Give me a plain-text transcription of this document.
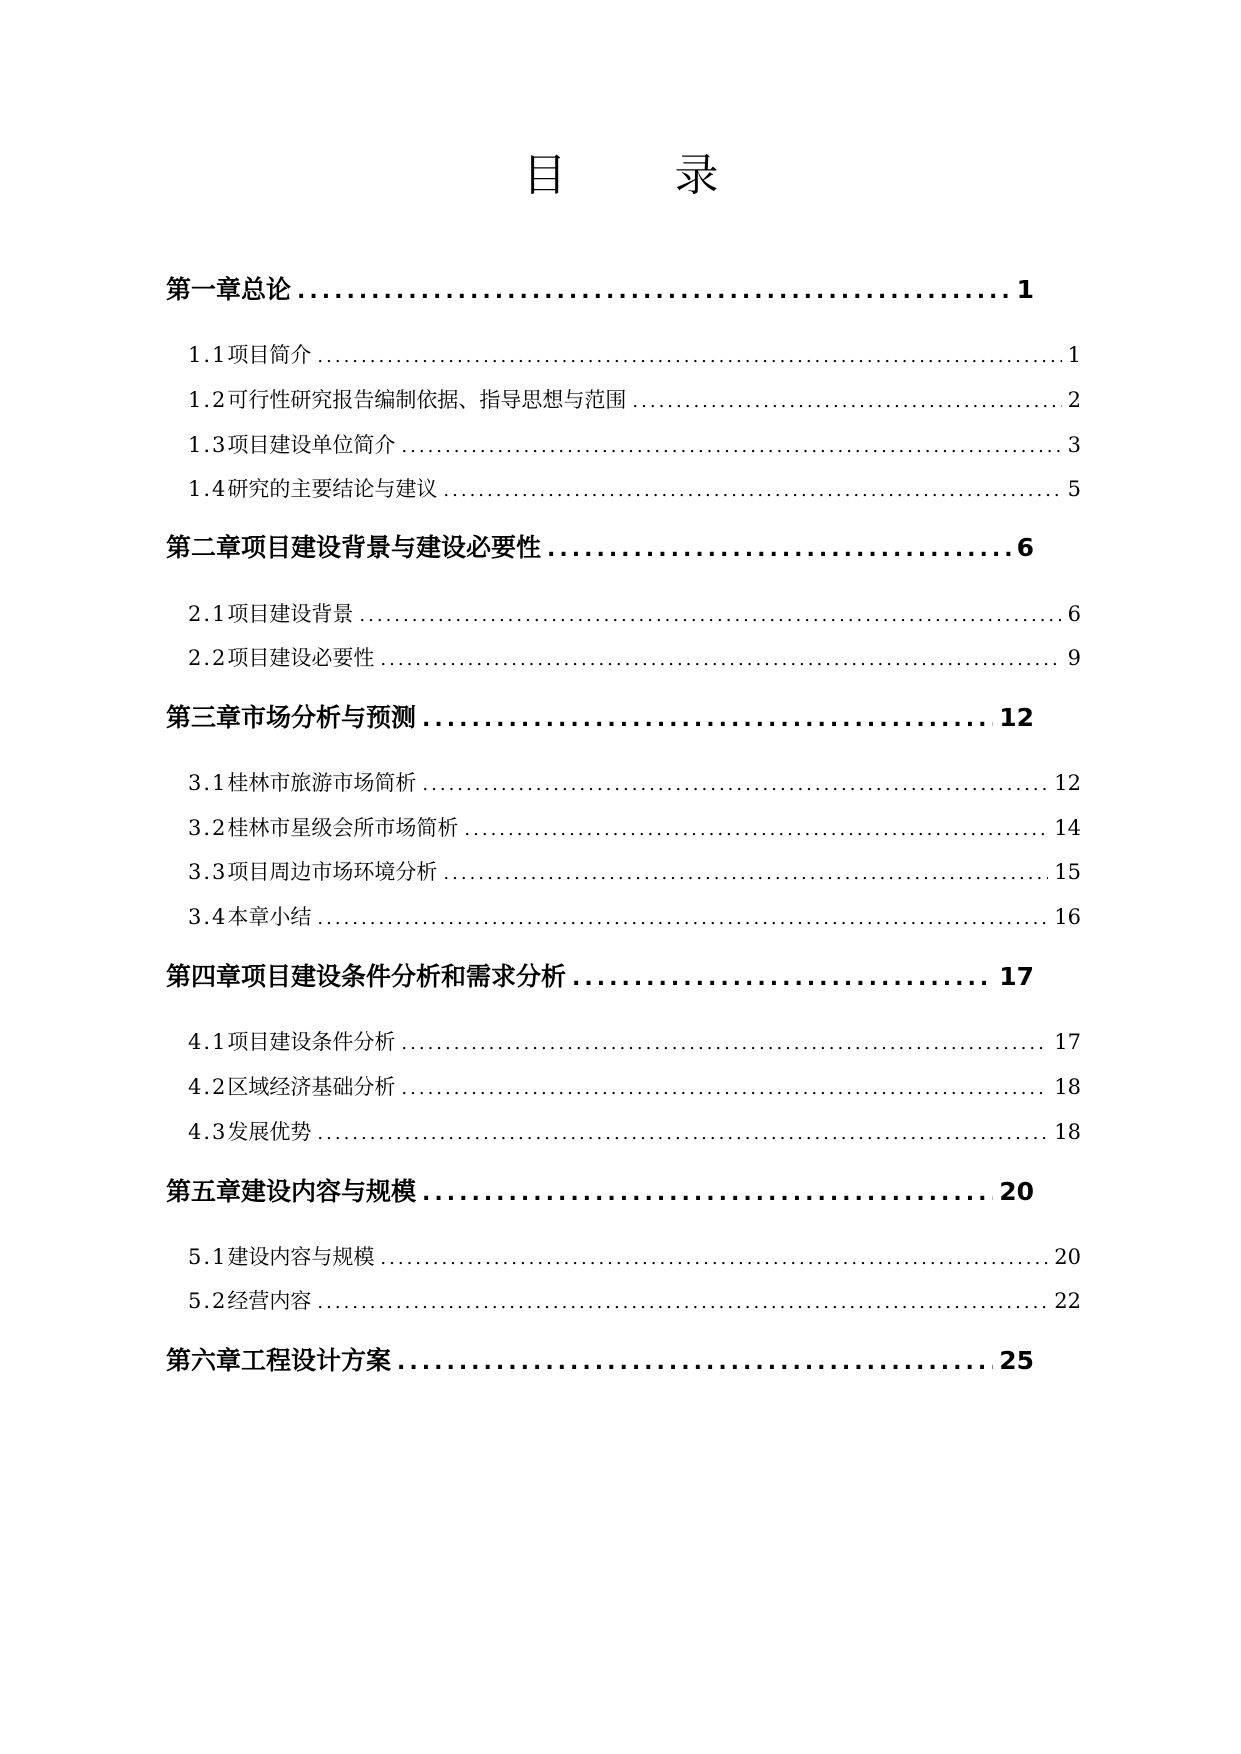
目　录
第一章 总论 .....	1
1.1 项目简介 .....	1
1.2 可行性研究报告编制依据、指导思想与范围 .....	2
1.3 项目建设单位简介 .....	3
1.4 研究的主要结论与建议 .....	5
第二章 项目建设背景与建设必要性 .....	6
2.1 项目建设背景 .....	6
2.2 项目建设必要性 .....	9
第三章 市场分析与预测 .....	12
3.1 桂林市旅游市场简析 .....	12
3.2 桂林市星级会所市场简析 .....	14
3.3 项目周边市场环境分析 .....	15
3.4 本章小结 .....	16
第四章 项目建设条件分析和需求分析 .....	17
4.1 项目建设条件分析 .....	17
4.2 区域经济基础分析 .....	18
4.3 发展优势 .....	18
第五章 建设内容与规模 .....	20
5.1 建设内容与规模 .....	20
5.2 经营内容 .....	22
第六章 工程设计方案 .....	25
